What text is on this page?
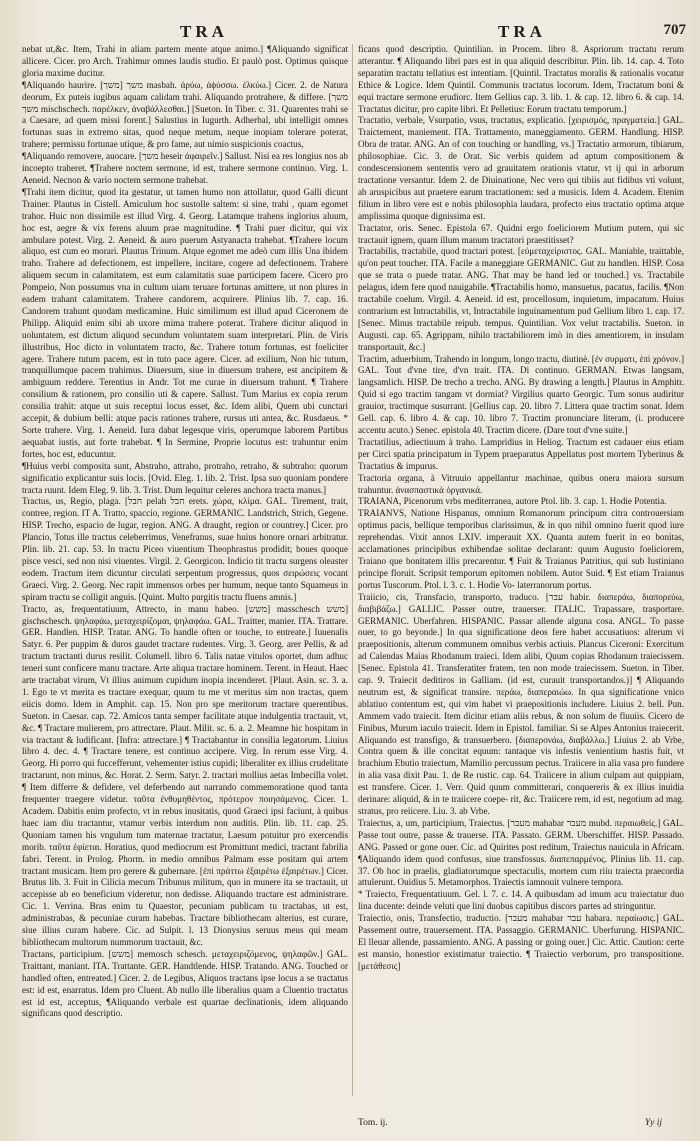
TRA	TRA	707

nebat ut,&c. Item, Trahi in aliam partem mente atque animo.] ¶Aliquando significat allicere. Cicer. pro Arch. Trahimur omnes laudis studio. Et paulò post. Optimus quisque gloria maxime ducitur.

¶Aliquando haurire. [משך] משך masbah. ἀρύω, ἀϕύσσω. ἐλκύω.] Cicer. 2. de Natura deorum, Ex puteis iugibus aquam calidam trahi. Aliquando protrahere, & differe. [משך משך mischschech. παρέλκεν, ἀναβάλλεσθαι.] [Sueton. In Tiber. c. 31. Quarentes trahi se a Caesare, ad quem missi forent.] Salustius in Iugurth. Adherbal, ubi intelligit omnes fortunas suas in extremo sitas, quod neque metum, neque inopiam tolerare poterat, trahere; permissu fortunae utique, & pro fame, aut nimio suspicionis coactus,

¶Aliquando removere, auocare. [משך heseir ἀφαιρεῖν.] Sallust. Nisi ea res longius nos ab incoepto traheret. ¶Trahere noctem sermone, id est, trahere sermone continuo. Virg. 1. Aeneid. Necnon & vario noctem sermone trahebat.

¶Trahi item dicitur, quod ita gestatur, ut tamen humo non attollatur, quod Galli dicunt Trainer. Plautus in Cistell. Amiculum hoc sustolle saltem: si sine, trahi , quam egomet trahor. Huic non dissimile est illud Virg. 4. Georg. Latamque trahens inglorius aluum, hoc est, aegre & vix ferens aluum prae magnitudine. ¶ Trahi puer dicitur, qui vix ambulare potest. Virg. 2. Aeneid. & auro puerum Astyanacta trahebat. ¶Trahere locum aliquo, est cum eo morari. Plautus Trinum. Atque egomet me adeò cum illis Una ibidem traho. Trahere ad defectionem, est impellere, incitare, cogere ad defectionem. Trahere aliquem secum in calamitatem, est eum calamitatis suae participem facere. Cicero pro Pompeio, Non possumus vna in cultum uiam teruare fortunas amittere, ut non plures in eadem trahant calamitatem. Trahere candorem, acquirere. Plinius lib. 7. cap. 16. Candorem trahunt quodam medicamine. Huic similimum est illud apud Ciceronem de Philipp. Aliquid enim sibi ab uxore mima trahere poterat. Trahere dicitur aliquod in uoluntatem, est dictum aliquod secundum voluntatem suam interpretari. Plin. de Viris illustribus, Hoc dicto in voluntatem tracto, &c. Trahere totum fortunas, est foeliciter agere. Trahere tutum pacem, est in tuto pace agere. Cicer. ad exilium, Non hic tutum, tranquillumque pacem trahimus. Diuersum, siue in diuersum trahere, est ancipitem & ambiguum reddere. Terentius in Andr. Tot me curae in diuersum trahunt. ¶ Trahere consilium & rationem, pro consilio uti & capere. Sallust. Tum Marius ex copia rerum consilia trahit: atque ut suis receptui locus esset, &c. Idem alibi, Quem ubi cunctari accepit, & dubium belli: atque pacis rationes trahere, rursus uti antea, &c. Rusdaeus. * Sorte trahere. Virg. 1. Aeneid. Iura dabat legesque viris, operumque laborem Partibus aequabat iustis, aut forte trahebat. ¶ In Sermine, Proprie locutus est: trahuntur enim fortes, hoc est, educuntur.

¶Huius verbi composita sunt, Abstraho, attraho, protraho, retraho, & subtraho: quorum significatio explicantur suis locis. [Ovid. Eleg. 1. lib. 2. Trist. Ipsa suo quoniam pondere tracta ruunt. Idem Eleg. 9. lib. 3. Trist. Dum lequitur celeres anchora tracta manus.]

Tractus, us, Regio, plaga. [חבל pelah חבל erets. χώρα, κλίμα. GAL. Tirement, trait, contree, region. IT A. Tratto, spaccio, regione. GERMANIC. Landstrich, Strich, Gegene. HISP. Trecho, espacio de lugar, region. ANG. A draught, region or countrey.] Cicer. pro Plancio, Totus ille tractus celeberrimus, Venefranus, suae huius honore ornari arbitratur. Plin. lib. 21. cap. 53. In tractu Piceo viuentium Theophrastus prodidit; boues quoque pisce vesci, sed non nisi viuentes. Virgil. 2. Georgicon. Indicio tit tractu surgens oleaster eodem. Tractum item dicuntur circulati serpentum progressus, quos σειρώσεις vocant Graeci. Virg. 2. Georg. Nec rapit immensos orbes per humum, neque tanto Squameus in spiram tractu se colligit anguis. [Quint. Multo purgitis tractu fluens amnis.]

Tracto, as, frequentatiuum, Attrecto, in manu habeo. [משש] masschesch משש] gischschesch. ψηλαφάω, μεταχειρίζομαι, ψηλαφάω. GAL. Traitter, manier. ITA. Trattare. GER. Handlen. HISP. Tratar. ANG. To handle often or touche, to entreate.] Iuuenalis Satyr. 6. Per puppim & duros gaudet tractare rudentes. Virg. 3. Georg. arer Pellis, & ad tractum tractanti durus resilit. Columell. libro 6. Talis natae vitulos oportet, dum adhuc teneri sunt conficere manu tractare. Arte aliqua tractare hominem. Terent. in Heaut. Haec arte tractabat virum, Vt illius animum cupidum inopia incenderet. [Plaut. Asin. sc. 3. a. 1. Ego te vt merita es tractare exequar, quum tu me vt meritus sim non tractas, quem eiicis domo. Idem in Amphit. cap. 15. Non pro spe meritorum tractare querentibus. Sueton. in Caesar. cap. 72. Amicos tanta semper facilitate atque indulgentia tractauit, vt, &c. ¶ Tractare mulierem, pro attrectare. Plaut. Milit. sc. 6. a. 2. Meamne hic hospitam in via tractant & ludificant. [Infra: attrectare.] ¶ Tractabantur in consilia legatorum. Liuius libro 4. dec. 4. ¶ Tractare tenere, est continuo accipere. Virg. In rerum esse Virg. 4. Georg. Hi porro qui fuccefferunt, vehementer istius cupidi; liberaliter ex illius crudelitate tractarunt, non minus, &c. Horat. 2. Serm. Satyr. 2. tractari mollius aetas Imbecilla volet. ¶ Item differre & defidere, vel deferbendo aut narrando commemoratione quod tanta frequenter traegere videtur. ταῦτα ἐνθυμηθέντος, πρότερον ποιησάμενος. Cicer. 1. Academ. Dabitis enim profecto, vt in rebus inusitatis, quod Graeci ipsi faciunt, à quibus haec iam diu tractantur, vtamur verbis interdum non auditis. Plin. lib. 11. cap. 25. Quoniam tamen his vngulum tum maternae tractatur, Laesum potuitur pro exercendis morib. ταῦτα ἐφίεται. Horatius, quod mediocrum est Promittunt medici, tractant fabrilia fabri. Terent. in Prolog. Phorm. in medio omnibus Palmam esse positam qui artem tractant musicam. Item pro gerere & gubernare. [ἐπὶ πράττω ἐξαιρέτω ἐξαιρέτων.] Cicer. Brutus lib. 3. Fuit in Cilicia mecum Tribunus militum, quo in munere ita se tractauit, ut accepisse ab eo beneficium videretur, non dedisse. Aliquando tractare est administrare. Cic. 1. Verrina. Bras enim tu Quaestor, pecuniam publicam tu tractabas, ut est, administrabas, & pecuniae curam habebas. Tractare bibliothecam alterius, est curare, siue illius curam habere. Cic. ad Sulpit. l. 13 Dionysius seruus meus qui meam bibliothecam multorum nummorum tractauit, &c.

Tractans, participium. [משש] memosch schesch. μεταχειριζόμενος, ψηλαφῶν.] GAL. Traittant, maniant. ITA. Trattante. GER. Handtlende. HISP. Tratando. ANG. Touched or handled often, entreated.] Cicer. 2. de Legibus, Aliquos tractans ipse locus a se tractatus est: id est, enarratus. Idem pro Cluent. Ab nullo ille liberalius quam a Cluentio tractatus est id est, acceptus, ¶Aliquando verbale est quartae declinationis, idem aliquando significans quod descriptio.

ficans quod descriptio. Quintilian. in Procem. libro 8. Aspriorum tractatu rerum atterantur. ¶ Aliquando libri pars est in qua aliquid describitur. Plin. lib. 14. cap. 4. Toto separatim tractatu tellatius est intentiam. [Quintil. Tractatus moralis & rationalis vocatur Ethice & Logice. Idem Quintil. Communis tractatus locorum. Idem, Tractatum boni & equi tractare sermone erudiorc. Item Gellius cap. 3. lib. 1. & cap. 12. libro 6. & cap. 14. Tractatus dicitur, pro capite libri. Et Pelletius: Eorum tractatu temporum.]

Tractatio, verbale, Vsurpatio, vsus, tractatus, explicatio. [χειρισμός, πραγματεία.] GAL. Traictement, maniement. ITA. Trattamento, maneggiamento. GERM. Handlung. HISP. Obra de tratar. ANG. An of con touching or handling, vs.] Tractatio armorum, tibiarum, philosophiae. Cic. 3. de Orat. Sic verbis quidem ad aptum compositionem & condescensionem sententis vero ad grauitatem orationis vtatur, vt ij qui in arborum tractatione versantur. Idem 2. de Diuinatione, Nec vero qui tibiis aut fidibus vti volunt, ab aruspicibus aut praetere earum tractationem: sed a musicis. Idem 4. Academ. Etenim filium in libro vere est e nobis philosophia laudara, profecto eius tractatio optima atque amplissima quoque dignissima est.

Tractator, oris. Senec. Epistola 67. Quidni ergo foeliciorem Mutium putem, qui sic tractauit ignem, quam illum manum tractatori praestitisset?

Tractabilis, tractabile, quod tractari potest. [εὐμεταχείριστος. GAL. Maniable, traittable, qu'on peut toucher. ITA. Facile a maneggiare GERMANIC. Gut zu handlen. HISP. Cosa que se trata o puede tratar. ANG. That may be hand led or touched.] vs. Tractabile pelagus, idem fere quod nauigabile. ¶Tractabilis homo, mansuetus, pacatus, facilis. ¶Non tractabile coelum. Virgil. 4. Aeneid. id est, procellosum, inquietum, impacatum. Huius contrarium est Intractabilis, vt, Intractabile inguinamentum pud Gellium libro 1. cap. 17. [Senec. Minus tractabile reipub. tempus. Quintilian. Vox velut tractabilis. Sueton. in Augusti. cap. 65. Agrippam, nihilo tractabiliorem imò in dies amentiorem, in insulam transportauit, &c.]

Tractim, aduerbium, Trahendo in longum, longo tractu, diutinè. [ἐν συρματι, ἐπὶ χρόνον.] GAL. Tout d'vne tire, d'vn trait. ITA. Di continuo. GERMAN. Etwas langsam, langsamlich. HISP. De trecho a trecho. ANG. By drawing a length.] Plautus in Amphitr. Quid si ego tractim tangam vt dormiat? Virgilius quarto Georgic. Tum sonus audiritur grauior, tractimque susurrant. [Gellius cap. 20. libro 7. Littera quae tractim sonat. Idem Gell. cap. 6. libro 4. & cap. 10. libro 7. Tractim pronunciare literam, (i. producere accentu acuto.) Senec. epistola 40. Tractim dicere. (Dare tout d'vne suite.]

Tractatilius, adiectiuum à traho. Lampridius in Heliog. Tractum est cadauer eius etiam per Circi spatia principatum in Typem praeparatus Appellatus post mortem Tyberinus & Tractatius & impurus.

Tractoria organa, à Vitruuio appellantur machinae, quibus onera maiora sursum trahuntur. ἀνασπαστικὰ ὀργανικά.

TRAIANA, Picenorum vrbs mediterranea, autore Ptol. lib. 3. cap. 1. Hodie Potentia.

TRAIANVS, Natione Hispanus, omnium Romanorum principum citra controuersiam optimus pacis, bellique temporibus clarissimus, & in quo nihil omnino fuerit quod iure reprehendas. Vixit annos LXIV. imperauit XX. Quanta autem fuerit in eo bonitas, acclamationes principibus exhibendae solitae declarant: quum Augusto foeliciorem, Traiano que bonitatem illis precarentur. ¶ Fuit & Traianus Patritius, qui sub Iustiniano principe floruit. Scripsit temporum epitomen nobilem. Autor Suid. ¶ Est etiam Traianus portus Tuscorum. Ptol. l. 3. c. 1. Hodie Vo- laterranorum portus.

Traiicio, cis, Transfacio, transporto, traduco. [עבר habir. διαπεράω, διαπορεύω, διαβιβάζω.] GALLIC. Passer outre, trauerser. ITALIC. Trapassare, trasportare. GERMANIC. Uberfahren. HISPANIC. Passar allende alguna cosa. ANGL. To passe ouer, to go beyonde.] In qua significatione deos fere habet accusatiuos: alterum vi praepositionis, alterum communem omnibus verbis actiuis. Plancus Ciceroni: Exercitum ad Calendas Maias Rhodanum traieci. Idem alibi, Quum copias Rhodanum traiecissem. [Senec. Epistola 41. Transferatiter fratem, ten non mode traiecissem. Sueton. in Tiber. cap. 9. Traiecit deditiros in Galliam. (id est, curauit transportandos.)] ¶ Aliquando neutrum est, & significat transire. περάω, διαπεραιώω. In qua significatione vnico ablatiuo contentum est, qui vim habet vi praepositionis includere. Liuius 2. bell. Pun. Ammem vado traiecit. Item dicitur etiam aliis rebus, & non solum de fluuiis. Cicero de Finibus, Murum iaculo traiecit. Idem in Epistol. familiar. Si se Alpes Antonius traiecerit. Aliquando est transfigo, & transuerbero. [διαπερονάω, διαβάλλω.] Liuius 2. ab Vrbe, Contra quem & ille concitat equum: tantaque vis infestis venientium hastis fuit, vt brachium Ebutio traiectum, Mamilio percussum pectus. Traiicere in alia vasa pro fundere in alia vasa dixit Pau. 1. de Re rustic. cap. 64. Traiicere in alium culpam aut quippiam, est transfere. Cicer. 1. Verr. Quid quum committerari, conquereris & ex illius inuidia derinare: aliquid, & in te traiicere coepe- rit, &c. Traiicere rem, id est, negotium ad mag. stratus, pro reiicere. Liu. 3. ab Vrbe.

Traiectus, a, um, participium, Traiectus. [מעבר mahabar מעבר mubd. περαιωθείς.] GAL. Passe tout outre, passe & trauerse. ITA. Passato. GERM. Uberschiffet. HISP. Passado. ANG. Passed or gone ouer. Cic. ad Quirites post reditum, Traiectus nauicula in Africam. ¶Aliquando idem quod confusus, siue transfossus. διαπεπαρμένος. Plinius lib. 11. cap. 37. Ob hoc in praelis, gladiatorumque spectaculis, mortem cum riiu traiecta praecordia attulerunt. Ouidius 5. Metamorphos. Traiectis iamnouit vulnere tempora.

* Traiecto, Frequentatiuum. Gel. l. 7. c. 14. A quibusdam ad imum acu traiectatur duo lina ducente: deinde veluti que lini duobus capitibus discors partes ad stringuntur.

Traiectio, onis, Transfectio, traductio. [מעבר mahabar עבר habara. περαίωσις.] GAL. Passement outre, trauersement. ITA. Passaggio. GERMANIC. Uberfurung. HISPANIC. El lleuar allende, passamiento. ANG. A passing or going ouer.] Cic. Attic. Caution: certe est mansio, honestior existimatur traiectio. ¶ Traiectio verborum, pro transpositione. [μετάθεσις]

Tom. ij.	Yy ij
